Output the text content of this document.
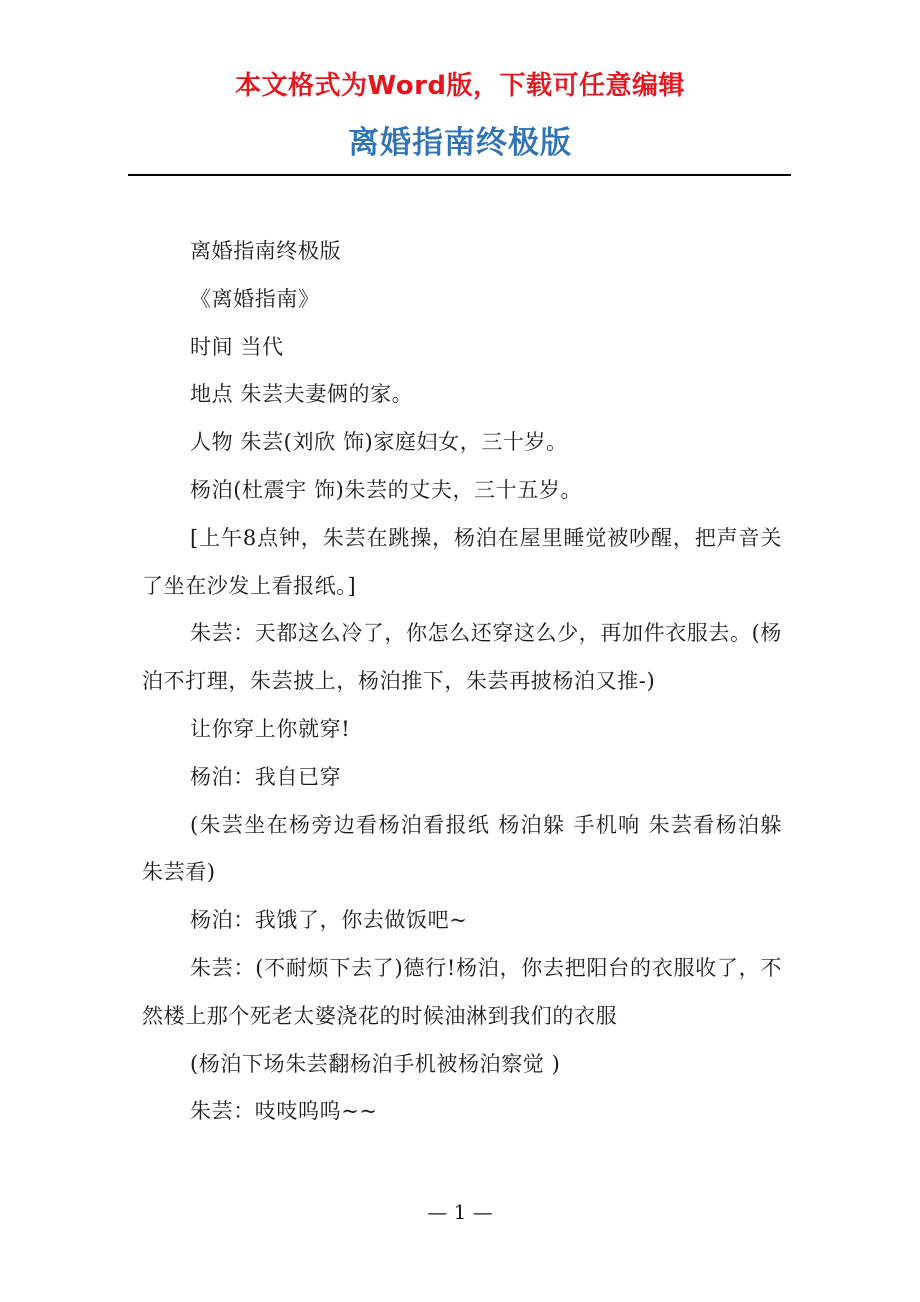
本文格式为Word版，下载可任意编辑
离婚指南终极版

离婚指南终极版

《离婚指南》

时间 当代

地点 朱芸夫妻俩的家。

人物 朱芸(刘欣 饰)家庭妇女，三十岁。

杨泊(杜震宇 饰)朱芸的丈夫，三十五岁。

[上午8点钟，朱芸在跳操，杨泊在屋里睡觉被吵醒，把声音关了坐在沙发上看报纸。]

朱芸：天都这么冷了，你怎么还穿这么少，再加件衣服去。(杨泊不打理，朱芸披上，杨泊推下，朱芸再披杨泊又推-)

让你穿上你就穿!

杨泊：我自已穿

(朱芸坐在杨旁边看杨泊看报纸 杨泊躲 手机响 朱芸看杨泊躲 朱芸看)

杨泊：我饿了，你去做饭吧~

朱芸：(不耐烦下去了)德行!杨泊，你去把阳台的衣服收了，不然楼上那个死老太婆浇花的时候油淋到我们的衣服

(杨泊下场朱芸翻杨泊手机被杨泊察觉 )

朱芸：吱吱呜呜~~

— 1 —
